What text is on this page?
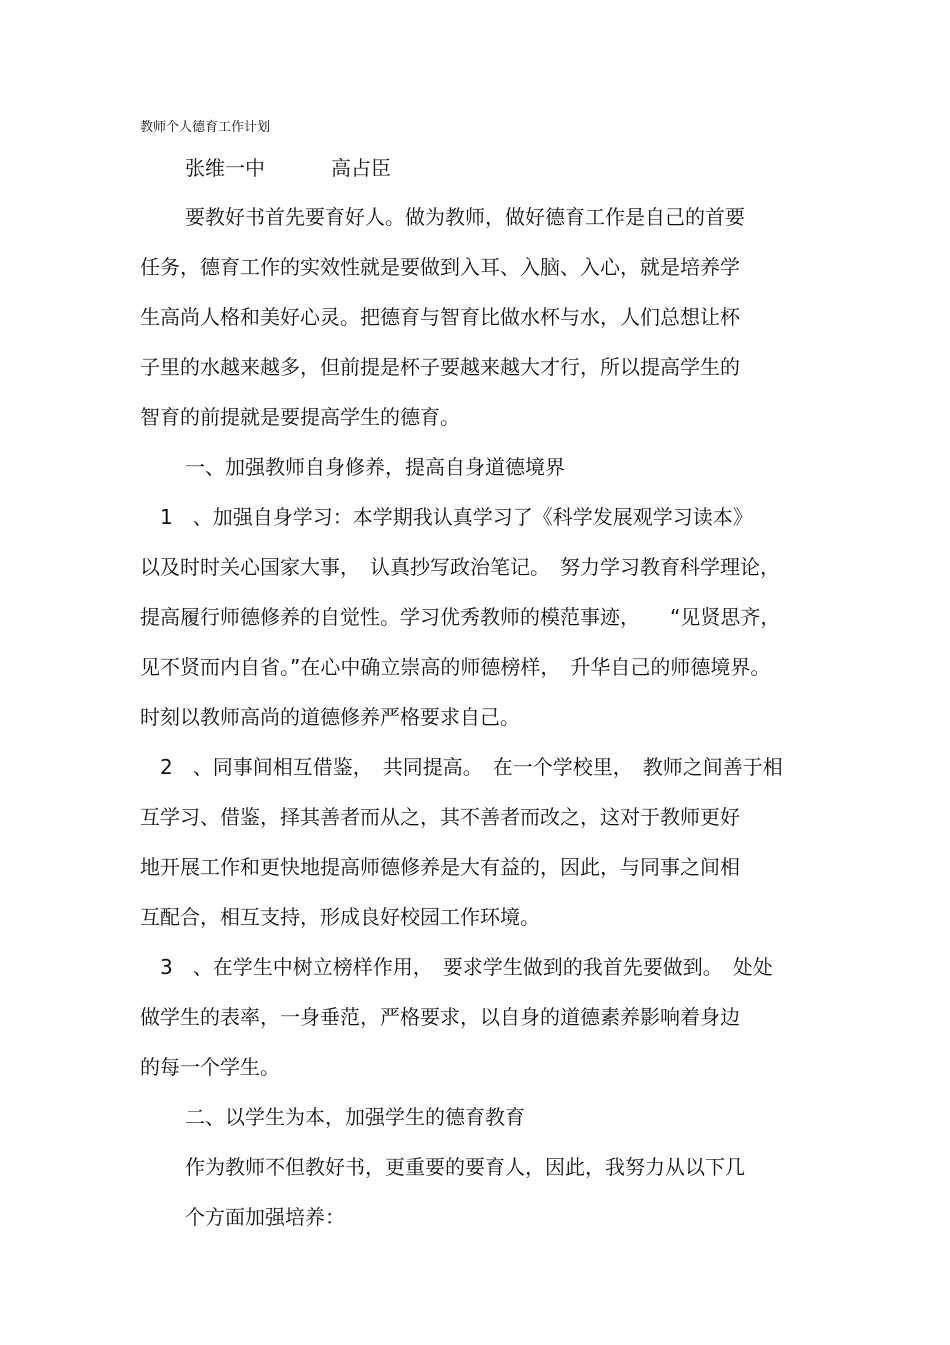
教师个人德育工作计划
张维一中	高占臣
要教好书首先要育好人。做为教师，做好德育工作是自己的首要
任务，德育工作的实效性就是要做到入耳、入脑、入心，就是培养学
生高尚人格和美好心灵。把德育与智育比做水杯与水，人们总想让杯
子里的水越来越多，但前提是杯子要越来越大才行，所以提高学生的
智育的前提就是要提高学生的德育。
一、加强教师自身修养，提高自身道德境界
1　、加强自身学习：本学期我认真学习了《科学发展观学习读本》
以及时时关心国家大事，　认真抄写政治笔记。　努力学习教育科学理论，
提高履行师德修养的自觉性。学习优秀教师的模范事迹，　　“见贤思齐，
见不贤而内自省。”在心中确立崇高的师德榜样，　升华自己的师德境界。
时刻以教师高尚的道德修养严格要求自己。
2　、同事间相互借鉴，　共同提高。　在一个学校里，　教师之间善于相
互学习、借鉴，择其善者而从之，其不善者而改之，这对于教师更好
地开展工作和更快地提高师德修养是大有益的，因此，与同事之间相
互配合，相互支持，形成良好校园工作环境。
3　、在学生中树立榜样作用，　要求学生做到的我首先要做到。　处处
做学生的表率，一身垂范，严格要求，以自身的道德素养影响着身边
的每一个学生。
二、以学生为本，加强学生的德育教育
作为教师不但教好书，更重要的要育人，因此，我努力从以下几
个方面加强培养：
